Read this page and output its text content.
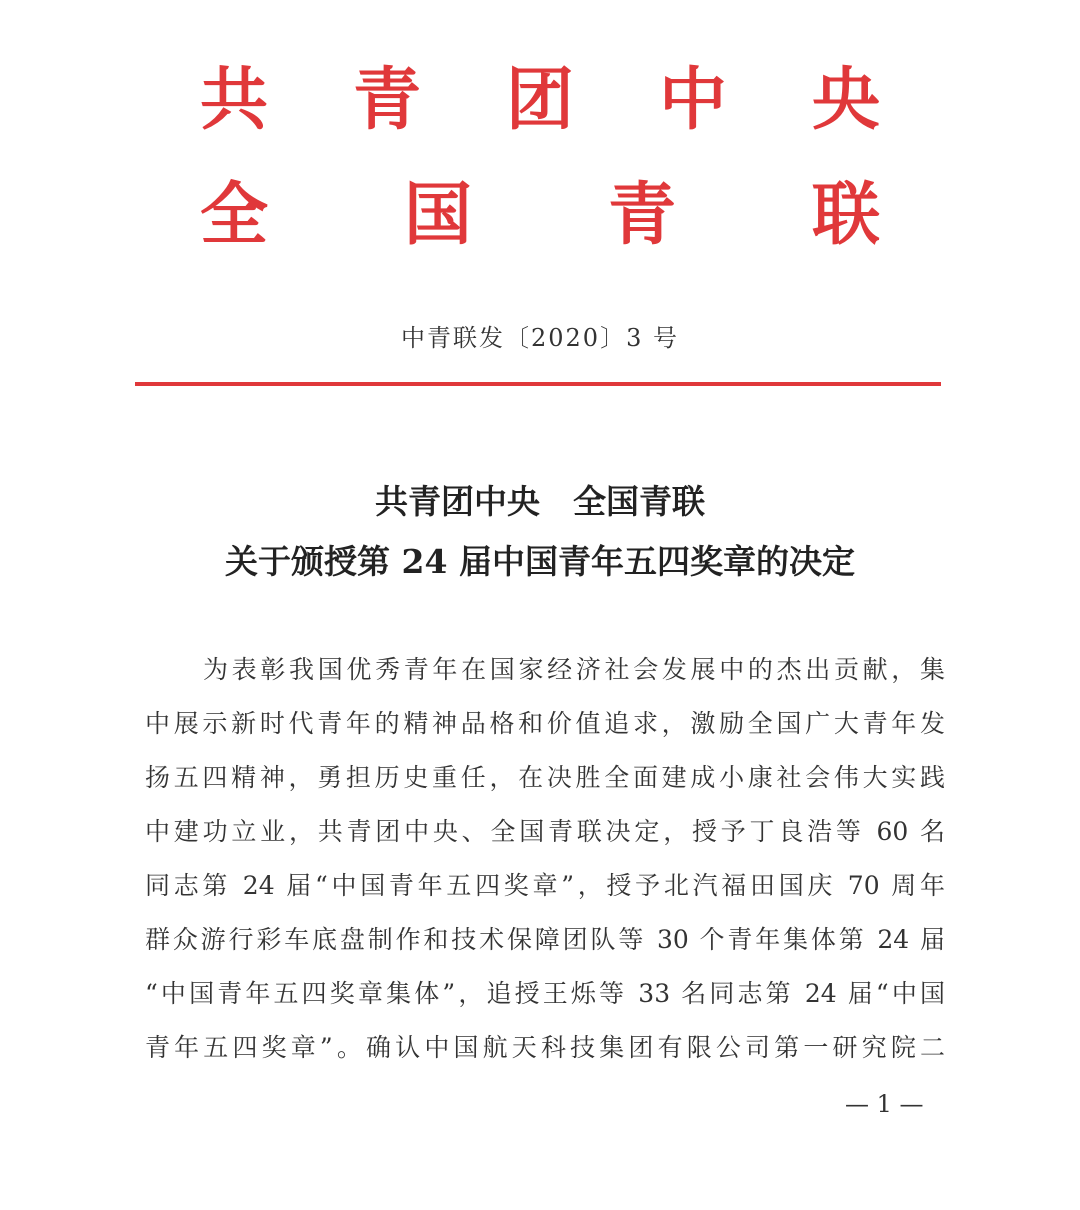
共 青 团 中 央
全 国 青 联
中青联发〔2020〕3 号
共青团中央　全国青联
关于颁授第 24 届中国青年五四奖章的决定
为表彰我国优秀青年在国家经济社会发展中的杰出贡献，集
中展示新时代青年的精神品格和价值追求，激励全国广大青年发
扬五四精神，勇担历史重任，在决胜全面建成小康社会伟大实践
中建功立业，共青团中央、全国青联决定，授予丁良浩等 60 名
同志第 24 届“中国青年五四奖章”，授予北汽福田国庆 70 周年
群众游行彩车底盘制作和技术保障团队等 30 个青年集体第 24 届
“中国青年五四奖章集体”，追授王烁等 33 名同志第 24 届“中国
青年五四奖章”。确认中国航天科技集团有限公司第一研究院二
— 1 —
